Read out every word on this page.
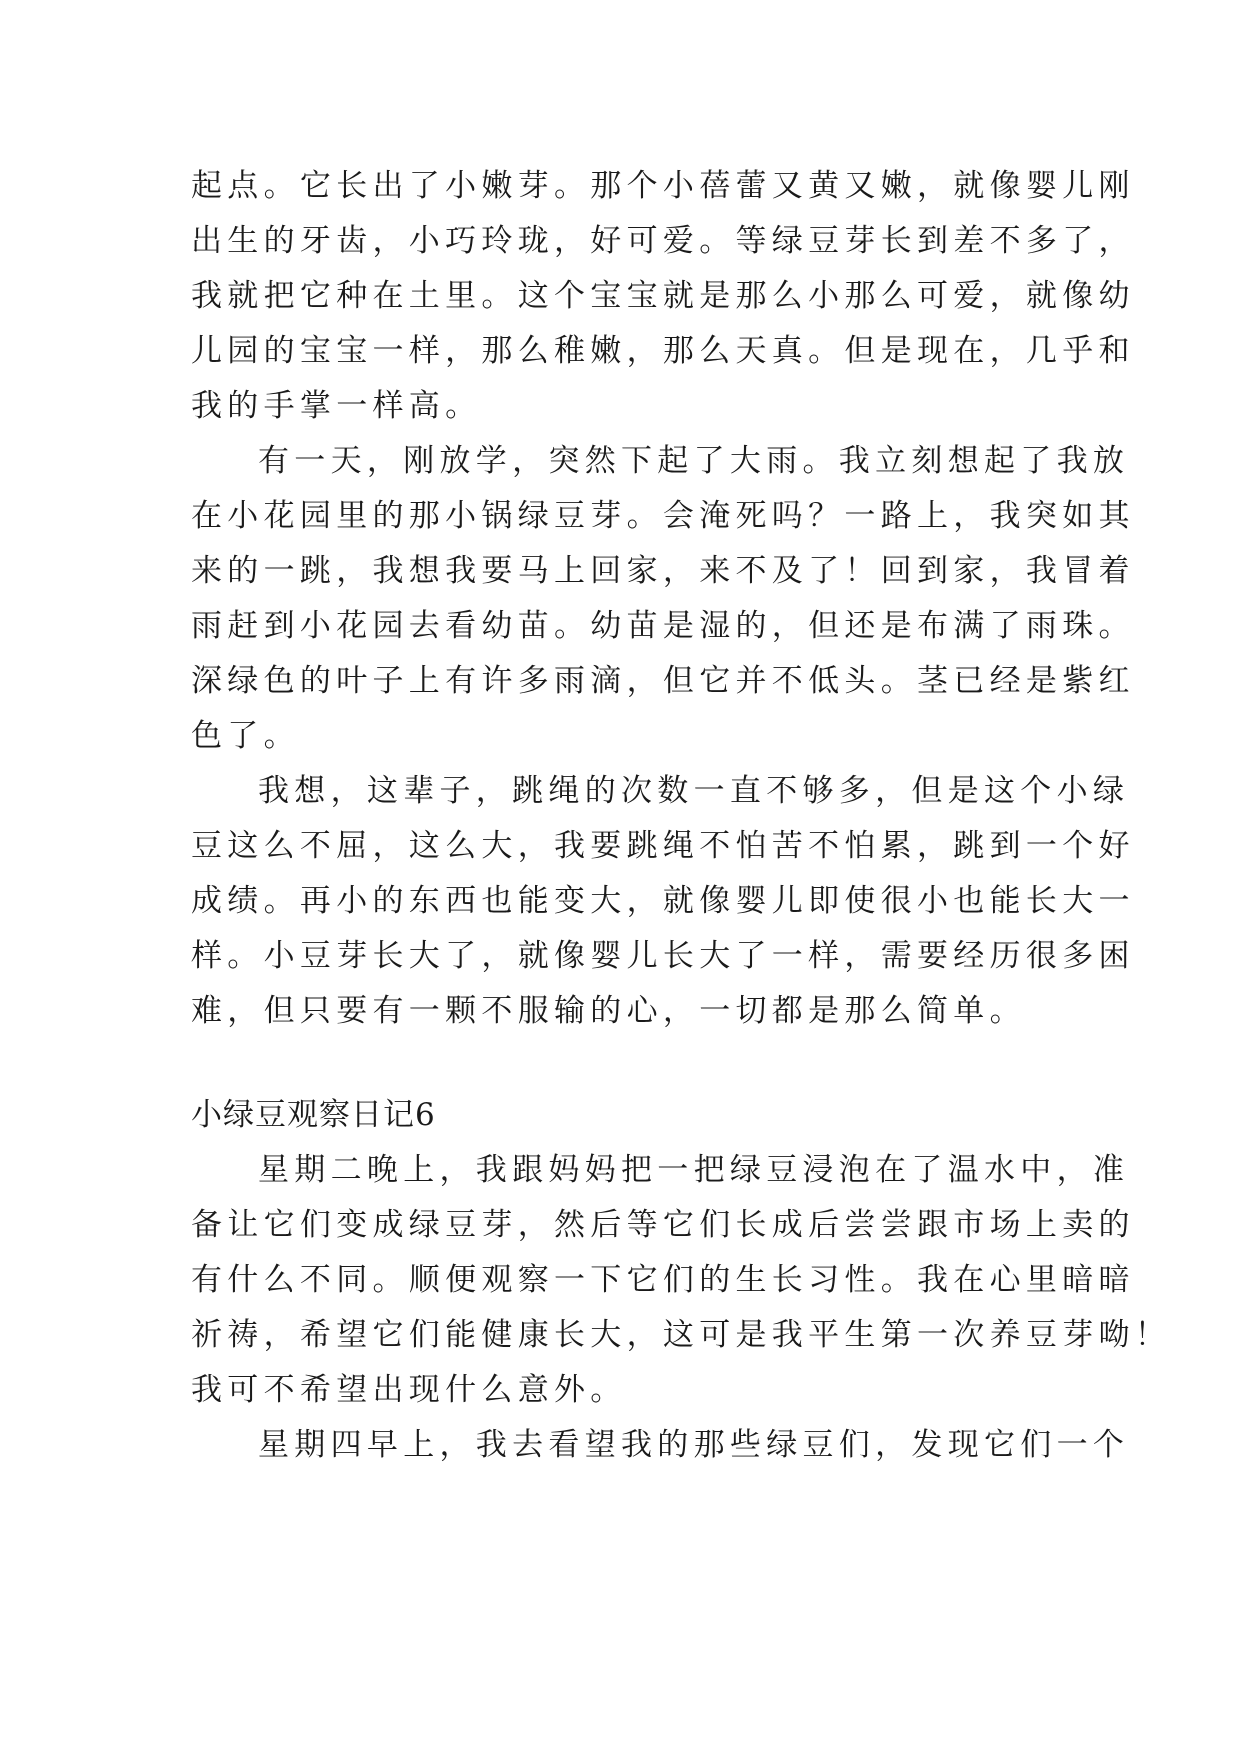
起点。它长出了小嫩芽。那个小蓓蕾又黄又嫩，就像婴儿刚
出生的牙齿，小巧玲珑，好可爱。等绿豆芽长到差不多了，
我就把它种在土里。这个宝宝就是那么小那么可爱，就像幼
儿园的宝宝一样，那么稚嫩，那么天真。但是现在，几乎和
我的手掌一样高。
有一天，刚放学，突然下起了大雨。我立刻想起了我放
在小花园里的那小锅绿豆芽。会淹死吗？一路上，我突如其
来的一跳，我想我要马上回家，来不及了！回到家，我冒着
雨赶到小花园去看幼苗。幼苗是湿的，但还是布满了雨珠。
深绿色的叶子上有许多雨滴，但它并不低头。茎已经是紫红
色了。
我想，这辈子，跳绳的次数一直不够多，但是这个小绿
豆这么不屈，这么大，我要跳绳不怕苦不怕累，跳到一个好
成绩。再小的东西也能变大，就像婴儿即使很小也能长大一
样。小豆芽长大了，就像婴儿长大了一样，需要经历很多困
难，但只要有一颗不服输的心，一切都是那么简单。
小绿豆观察日记6
星期二晚上，我跟妈妈把一把绿豆浸泡在了温水中，准
备让它们变成绿豆芽，然后等它们长成后尝尝跟市场上卖的
有什么不同。顺便观察一下它们的生长习性。我在心里暗暗
祈祷，希望它们能健康长大，这可是我平生第一次养豆芽呦！
我可不希望出现什么意外。
星期四早上，我去看望我的那些绿豆们，发现它们一个
